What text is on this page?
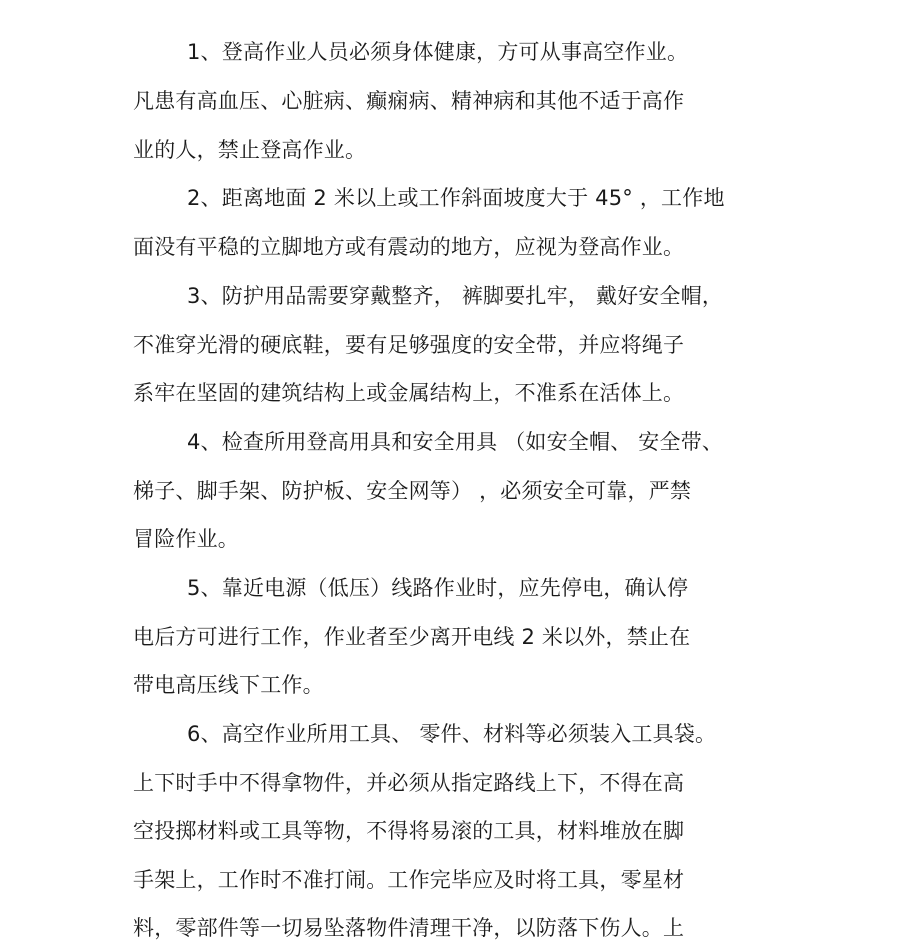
1、登高作业人员必须身体健康，方可从事高空作业。
凡患有高血压、心脏病、癫痫病、精神病和其他不适于高作
业的人，禁止登高作业。
2、距离地面 2 米以上或工作斜面坡度大于 45° ，工作地
面没有平稳的立脚地方或有震动的地方，应视为登高作业。
3、防护用品需要穿戴整齐， 裤脚要扎牢， 戴好安全帽，
不准穿光滑的硬底鞋，要有足够强度的安全带，并应将绳子
系牢在坚固的建筑结构上或金属结构上，不准系在活体上。
4、检查所用登高用具和安全用具 （如安全帽、 安全带、
梯子、脚手架、防护板、安全网等） ，必须安全可靠，严禁
冒险作业。
5、靠近电源（低压）线路作业时，应先停电，确认停
电后方可进行工作，作业者至少离开电线 2 米以外，禁止在
带电高压线下工作。
6、高空作业所用工具、 零件、材料等必须装入工具袋。
上下时手中不得拿物件，并必须从指定路线上下，不得在高
空投掷材料或工具等物，不得将易滚的工具，材料堆放在脚
手架上，工作时不准打闹。工作完毕应及时将工具，零星材
料，零部件等一切易坠落物件清理干净，以防落下伤人。上
